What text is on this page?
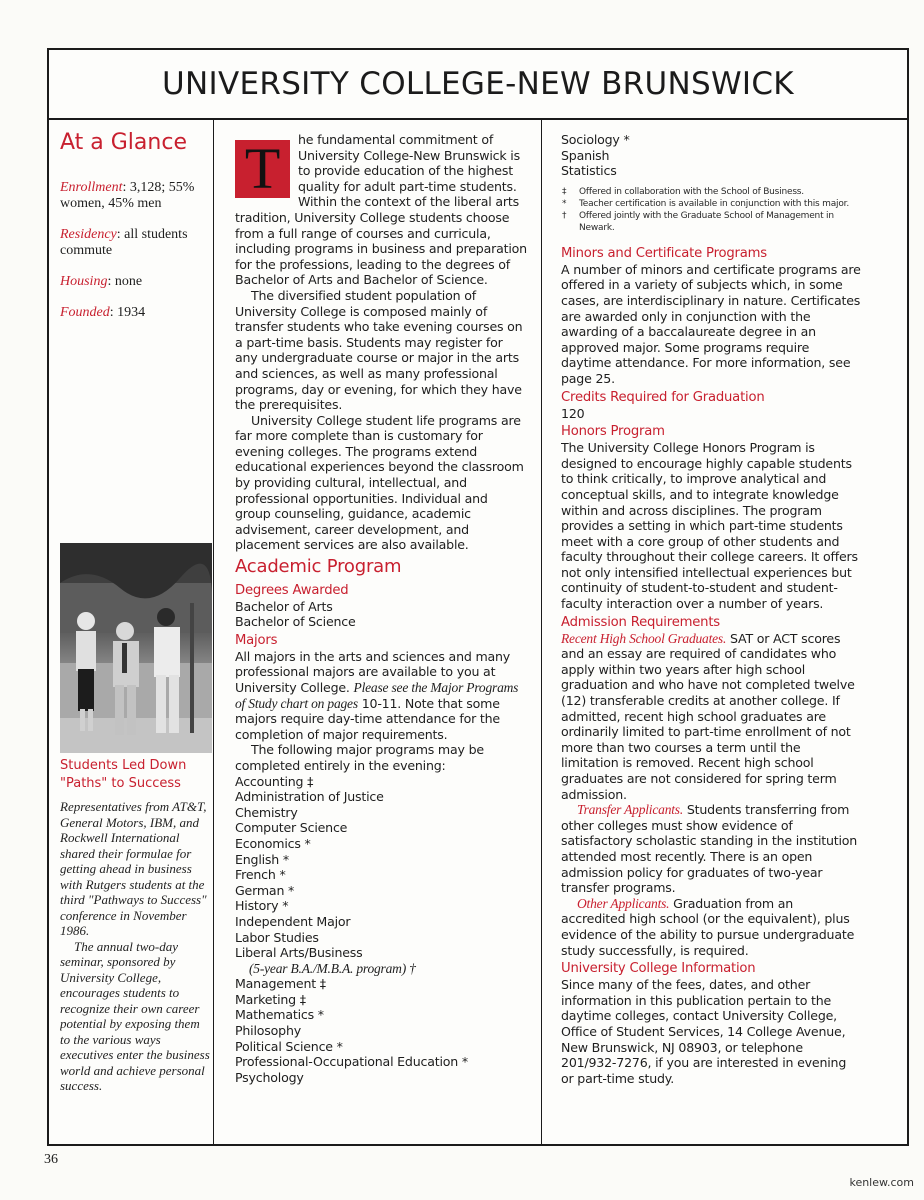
UNIVERSITY COLLEGE-NEW BRUNSWICK
At a Glance
Enrollment: 3,128; 55% women, 45% men
Residency: all students commute
Housing: none
Founded: 1934
Students Led Down "Paths" to Success

Representatives from AT&T, General Motors, IBM, and Rockwell International shared their formulae for getting ahead in business with Rutgers students at the third "Pathways to Success" conference in November 1986.

The annual two-day seminar, sponsored by University College, encourages students to recognize their own career potential by exposing them to the various ways executives enter the business world and achieve personal success.

T	he fundamental commitment of University College-New Brunswick is to provide education of the highest quality for adult part-time students. Within the context of the liberal arts tradition, University College students choose from a full range of courses and curricula, including programs in business and preparation for the professions, leading to the degrees of Bachelor of Arts and Bachelor of Science.

The diversified student population of University College is composed mainly of transfer students who take evening courses on a part-time basis. Students may register for any undergraduate course or major in the arts and sciences, as well as many professional programs, day or evening, for which they have the prerequisites.

University College student life programs are far more complete than is customary for evening colleges. The programs extend educational experiences beyond the classroom by providing cultural, intellectual, and professional opportunities. Individual and group counseling, guidance, academic advisement, career development, and placement services are also available.

Academic Program
Degrees Awarded
Bachelor of Arts
Bachelor of Science
Majors

All majors in the arts and sciences and many professional majors are available to you at University College. Please see the Major Programs of Study chart on pages 10-11. Note that some majors require day-time attendance for the completion of major requirements.

The following major programs may be completed entirely in the evening:

Accounting ‡
Administration of Justice
Chemistry
Computer Science
Economics *
English *
French *
German *
History *
Independent Major
Labor Studies
Liberal Arts/Business
(5-year B.A./M.B.A. program) †
Management ‡
Marketing ‡
Mathematics *
Philosophy
Political Science *
Professional-Occupational Education *
Psychology
Sociology *
Spanish
Statistics
‡	Offered in collaboration with the School of Business.
*	Teacher certification is available in conjunction with this major.
†	Offered jointly with the Graduate School of Management in Newark.
Minors and Certificate Programs

A number of minors and certificate programs are offered in a variety of subjects which, in some cases, are interdisciplinary in nature. Certificates are awarded only in conjunction with the awarding of a baccalaureate degree in an approved major. Some programs require daytime attendance. For more information, see page 25.

Credits Required for Graduation
120
Honors Program

The University College Honors Program is designed to encourage highly capable students to think critically, to improve analytical and conceptual skills, and to integrate knowledge within and across disciplines. The program provides a setting in which part-time students meet with a core group of other students and faculty throughout their college careers. It offers not only intensified intellectual experiences but continuity of student-to-student and student-faculty interaction over a number of years.

Admission Requirements

Recent High School Graduates. SAT or ACT scores and an essay are required of candidates who apply within two years after high school graduation and who have not completed twelve (12) transferable credits at another college. If admitted, recent high school graduates are ordinarily limited to part-time enrollment of not more than two courses a term until the limitation is removed. Recent high school graduates are not considered for spring term admission.

Transfer Applicants. Students transferring from other colleges must show evidence of satisfactory scholastic standing in the institution attended most recently. There is an open admission policy for graduates of two-year transfer programs.

Other Applicants. Graduation from an accredited high school (or the equivalent), plus evidence of the ability to pursue undergraduate study successfully, is required.

University College Information

Since many of the fees, dates, and other information in this publication pertain to the daytime colleges, contact University College, Office of Student Services, 14 College Avenue, New Brunswick, NJ 08903, or telephone 201/932-7276, if you are interested in evening or part-time study.

36
kenlew.com
